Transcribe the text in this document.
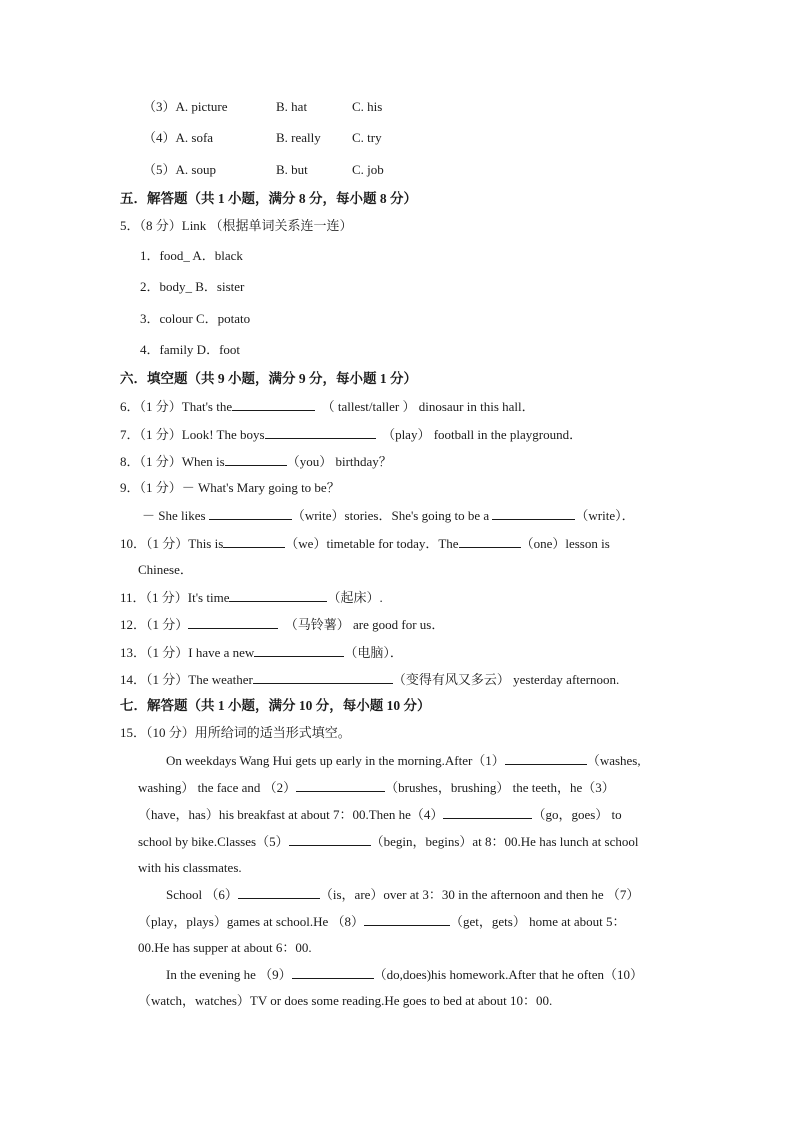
（3）A. picture	B. hat	C. his
（4）A. sofa	B. really C. try
（5）A. soup	B. but	C. job
五．解答题（共 1 小题，满分 8 分，每小题 8 分）
5．（8 分）Link （根据单词关系连一连）
1．food_ A．black
2．body_ B．sister
3．colour C．potato
4．family D．foot
六．填空题（共 9 小题，满分 9 分，每小题 1 分）
6．（1 分）That's the	（ tallest/taller ） dinosaur in this hall．
7．（1 分）Look! The boys	（play） football in the playground．
8．（1 分）When is	（you） birthday？
9．（1 分）－ What's Mary going to be？
－ She likes	（write）stories．She's going to be a	（write）．
10．（1 分）This is	（we）timetable for today．The	（one）lesson is
Chinese．
11．（1 分）It's time	（起床）.
12．（1 分）	（马铃薯） are good for us．
13．（1 分）I have a new	（电脑）．
14．（1 分）The weather	（变得有风又多云） yesterday afternoon.
七．解答题（共 1 小题，满分 10 分，每小题 10 分）
15．（10 分）用所给词的适当形式填空。
On weekdays Wang Hui gets up early in the morning.After（1）	（washes,
washing） the face and （2）	（brushes，brushing） the teeth，he（3）
（have，has）his breakfast at about 7：00.Then he（4）	（go，goes） to
school by bike.Classes（5）	（begin，begins）at 8：00.He has lunch at school
with his classmates.
School （6）	（is，are）over at 3：30 in the afternoon and then he （7）
（play，plays）games at school.He （8）	（get，gets） home at about 5：
00.He has supper at about 6：00.
In the evening he （9）	（do,does)his homework.After that he often（10）
（watch，watches）TV or does some reading.He goes to bed at about 10：00.
